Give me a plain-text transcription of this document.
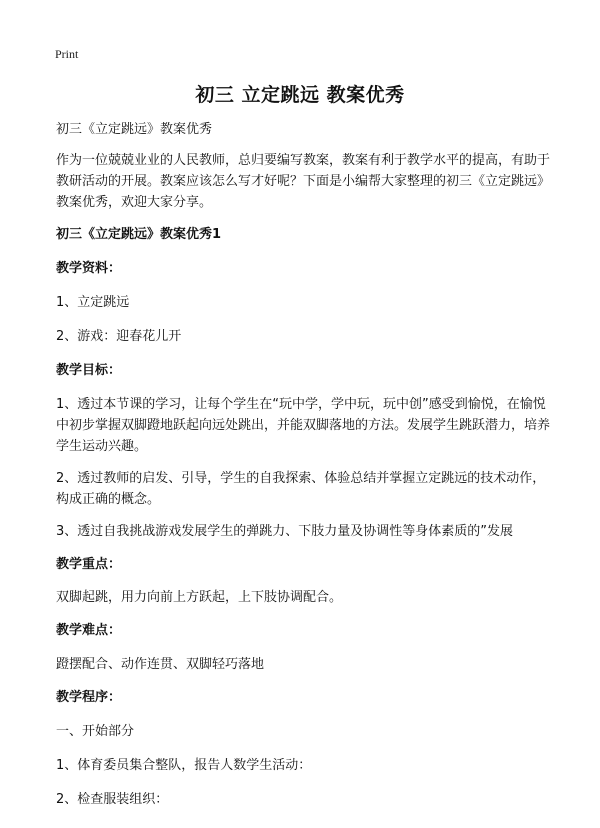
Print
初三 立定跳远 教案优秀

初三《立定跳远》教案优秀

作为一位兢兢业业的人民教师，总归要编写教案，教案有利于教学水平的提高，有助于教研活动的开展。教案应该怎么写才好呢？下面是小编帮大家整理的初三《立定跳远》教案优秀，欢迎大家分享。

初三《立定跳远》教案优秀1

教学资料：

1、立定跳远

2、游戏：迎春花儿开

教学目标：

1、透过本节课的学习，让每个学生在“玩中学，学中玩，玩中创”感受到愉悦，在愉悦中初步掌握双脚蹬地跃起向远处跳出，并能双脚落地的方法。发展学生跳跃潜力，培养学生运动兴趣。

2、透过教师的启发、引导，学生的自我探索、体验总结并掌握立定跳远的技术动作，构成正确的概念。

3、透过自我挑战游戏发展学生的弹跳力、下肢力量及协调性等身体素质的”发展

教学重点：

双脚起跳，用力向前上方跃起，上下肢协调配合。

教学难点：

蹬摆配合、动作连贯、双脚轻巧落地

教学程序：

一、开始部分

1、体育委员集合整队，报告人数学生活动：

2、检查服装组织：
